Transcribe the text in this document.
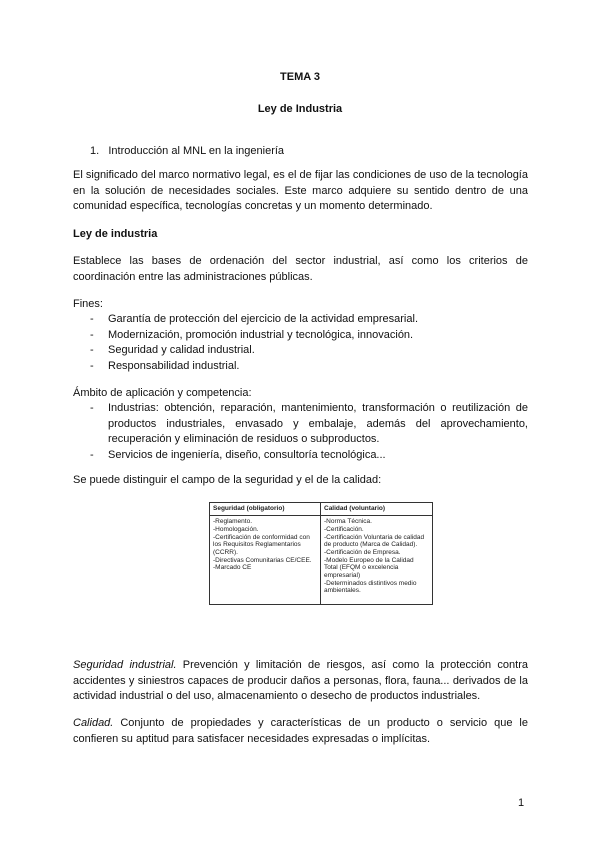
TEMA 3
Ley de Industria
1. Introducción al MNL en la ingeniería

El significado del marco normativo legal, es el de fijar las condiciones de uso de la tecnología en la solución de necesidades sociales. Este marco adquiere su sentido dentro de una comunidad específica, tecnologías concretas y un momento determinado.

Ley de industria

Establece las bases de ordenación del sector industrial, así como los criterios de coordinación entre las administraciones públicas.

Fines:
- Garantía de protección del ejercicio de la actividad empresarial.
- Modernización, promoción industrial y tecnológica, innovación.
- Seguridad y calidad industrial.
- Responsabilidad industrial.
Ámbito de aplicación y competencia:
- Industrias: obtención, reparación, mantenimiento, transformación o reutilización de productos industriales, envasado y embalaje, además del aprovechamiento, recuperación y eliminación de residuos o subproductos.
- Servicios de ingeniería, diseño, consultoría tecnológica...
Se puede distinguir el campo de la seguridad y el de la calidad:
Seguridad (obligatorio)
-Reglamento.
-Homologación.
-Certificación de conformidad con los Requisitos Reglamentarios (CCRR).
-Directivas Comunitarias CE/CEE.
-Marcado CE
Calidad (voluntario)
-Norma Técnica.
-Certificación.
-Certificación Voluntaria de calidad de producto (Marca de Calidad).
-Certificación de Empresa.
-Modelo Europeo de la Calidad Total (EFQM o excelencia empresarial)
-Determinados distintivos medio ambientales.

Seguridad industrial. Prevención y limitación de riesgos, así como la protección contra accidentes y siniestros capaces de producir daños a personas, flora, fauna... derivados de la actividad industrial o del uso, almacenamiento o desecho de productos industriales.

Calidad. Conjunto de propiedades y características de un producto o servicio que le confieren su aptitud para satisfacer necesidades expresadas o implícitas.

1
